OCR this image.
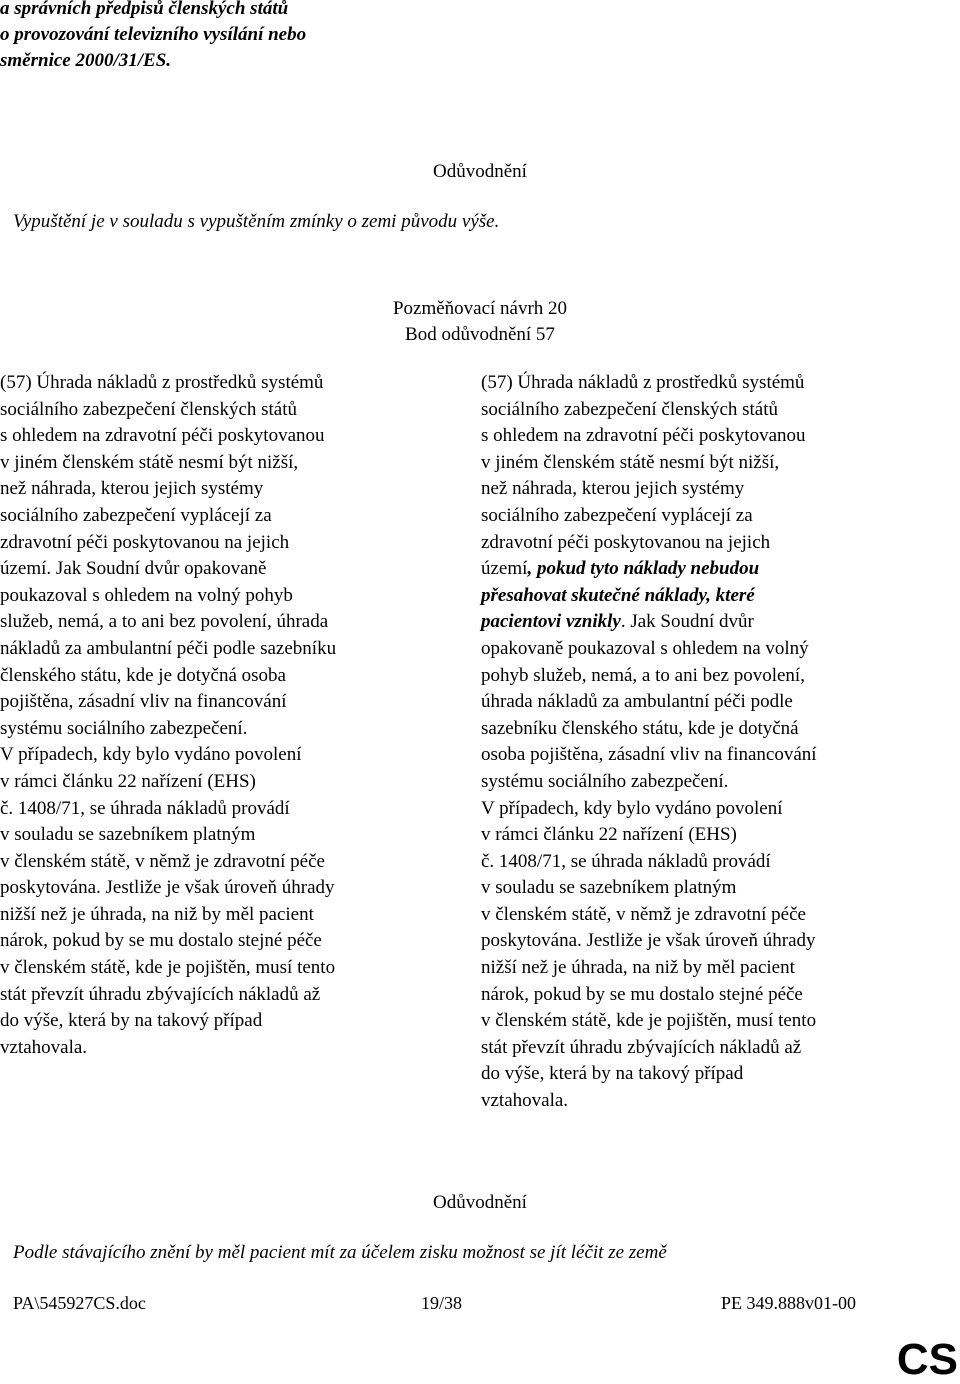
a správních předpisů členských států
o provozování televizního vysílání nebo
směrnice 2000/31/ES.
Odůvodnění
Vypuštění je v souladu s vypuštěním zmínky o zemi původu výše.
Pozměňovací návrh 20
Bod odůvodnění 57
(57) Úhrada nákladů z prostředků systémů
sociálního zabezpečení členských států
s ohledem na zdravotní péči poskytovanou
v jiném členském státě nesmí být nižší,
než náhrada, kterou jejich systémy
sociálního zabezpečení vyplácejí za
zdravotní péči poskytovanou na jejich
území. Jak Soudní dvůr opakovaně
poukazoval s ohledem na volný pohyb
služeb, nemá, a to ani bez povolení, úhrada
nákladů za ambulantní péči podle sazebníku
členského státu, kde je dotyčná osoba
pojištěna, zásadní vliv na financování
systému sociálního zabezpečení.
V případech, kdy bylo vydáno povolení
v rámci článku 22 nařízení (EHS)
č. 1408/71, se úhrada nákladů provádí
v souladu se sazebníkem platným
v členském státě, v němž je zdravotní péče
poskytována. Jestliže je však úroveň úhrady
nižší než je úhrada, na niž by měl pacient
nárok, pokud by se mu dostalo stejné péče
v členském státě, kde je pojištěn, musí tento
stát převzít úhradu zbývajících nákladů až
do výše, která by na takový případ
vztahovala.
(57) Úhrada nákladů z prostředků systémů
sociálního zabezpečení členských států
s ohledem na zdravotní péči poskytovanou
v jiném členském státě nesmí být nižší,
než náhrada, kterou jejich systémy
sociálního zabezpečení vyplácejí za
zdravotní péči poskytovanou na jejich
území, pokud tyto náklady nebudou
přesahovat skutečné náklady, které
pacientovi vznikly. Jak Soudní dvůr
opakovaně poukazoval s ohledem na volný
pohyb služeb, nemá, a to ani bez povolení,
úhrada nákladů za ambulantní péči podle
sazebníku členského státu, kde je dotyčná
osoba pojištěna, zásadní vliv na financování
systému sociálního zabezpečení.
V případech, kdy bylo vydáno povolení
v rámci článku 22 nařízení (EHS)
č. 1408/71, se úhrada nákladů provádí
v souladu se sazebníkem platným
v členském státě, v němž je zdravotní péče
poskytována. Jestliže je však úroveň úhrady
nižší než je úhrada, na niž by měl pacient
nárok, pokud by se mu dostalo stejné péče
v členském státě, kde je pojištěn, musí tento
stát převzít úhradu zbývajících nákladů až
do výše, která by na takový případ
vztahovala.
Odůvodnění
Podle stávajícího znění by měl pacient mít za účelem zisku možnost se jít léčit ze země
PA\545927CS.doc	19/38	PE 349.888v01-00
CS
